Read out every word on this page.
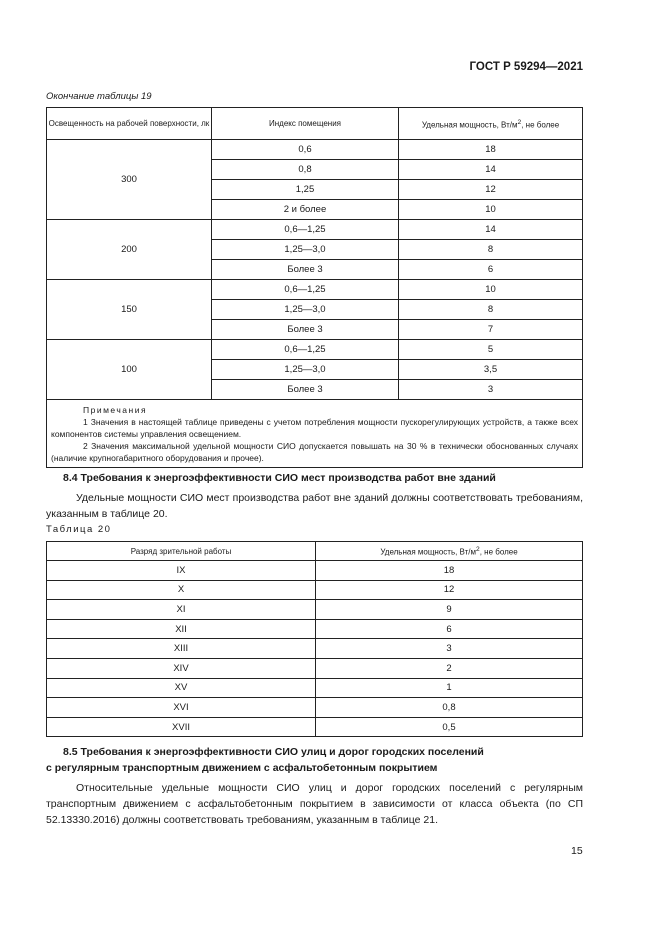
ГОСТ Р 59294—2021
Окончание таблицы 19
Освещенность на рабочей поверхности, лк	Индекс помещения	Удельная мощность, $Вт/м^2$, не более
300	0,6	18
	0,8	14
	1,25	12
	2 и более	10
200	0,6—1,25	14
	1,25—3,0	8
	Более 3	6
150	0,6—1,25	10
	1,25—3,0	8
	Более 3	7
100	0,6—1,25	5
	1,25—3,0	3,5
	Более 3	3

Примечания
1 Значения в настоящей таблице приведены с учетом потребления мощности пускорегулирующих устройств, а также всех компонентов системы управления освещением.
2 Значения максимальной удельной мощности СИО допускается повышать на 30 % в технически обоснованных случаях (наличие крупногабаритного оборудования и прочее).		
8.4 Требования к энергоэффективности СИО мест производства работ вне зданий
Удельные мощности СИО мест производства работ вне зданий должны соответствовать требованиям, указанным в таблице 20.
Таблица 20
Разряд зрительной работы	Удельная мощность, $Вт/м^2$, не более
IX	18
X	12
XI	9
XII	6
XIII	3
XIV	2
XV	1
XVI	0,8
XVII	0,5
8.5 Требования к энергоэффективности СИО улиц и дорог городских поселений
с регулярным транспортным движением с асфальтобетонным покрытием
Относительные удельные мощности СИО улиц и дорог городских поселений с регулярным транспортным движением с асфальтобетонным покрытием в зависимости от класса объекта (по СП 52.13330.2016) должны соответствовать требованиям, указанным в таблице 21.
15
